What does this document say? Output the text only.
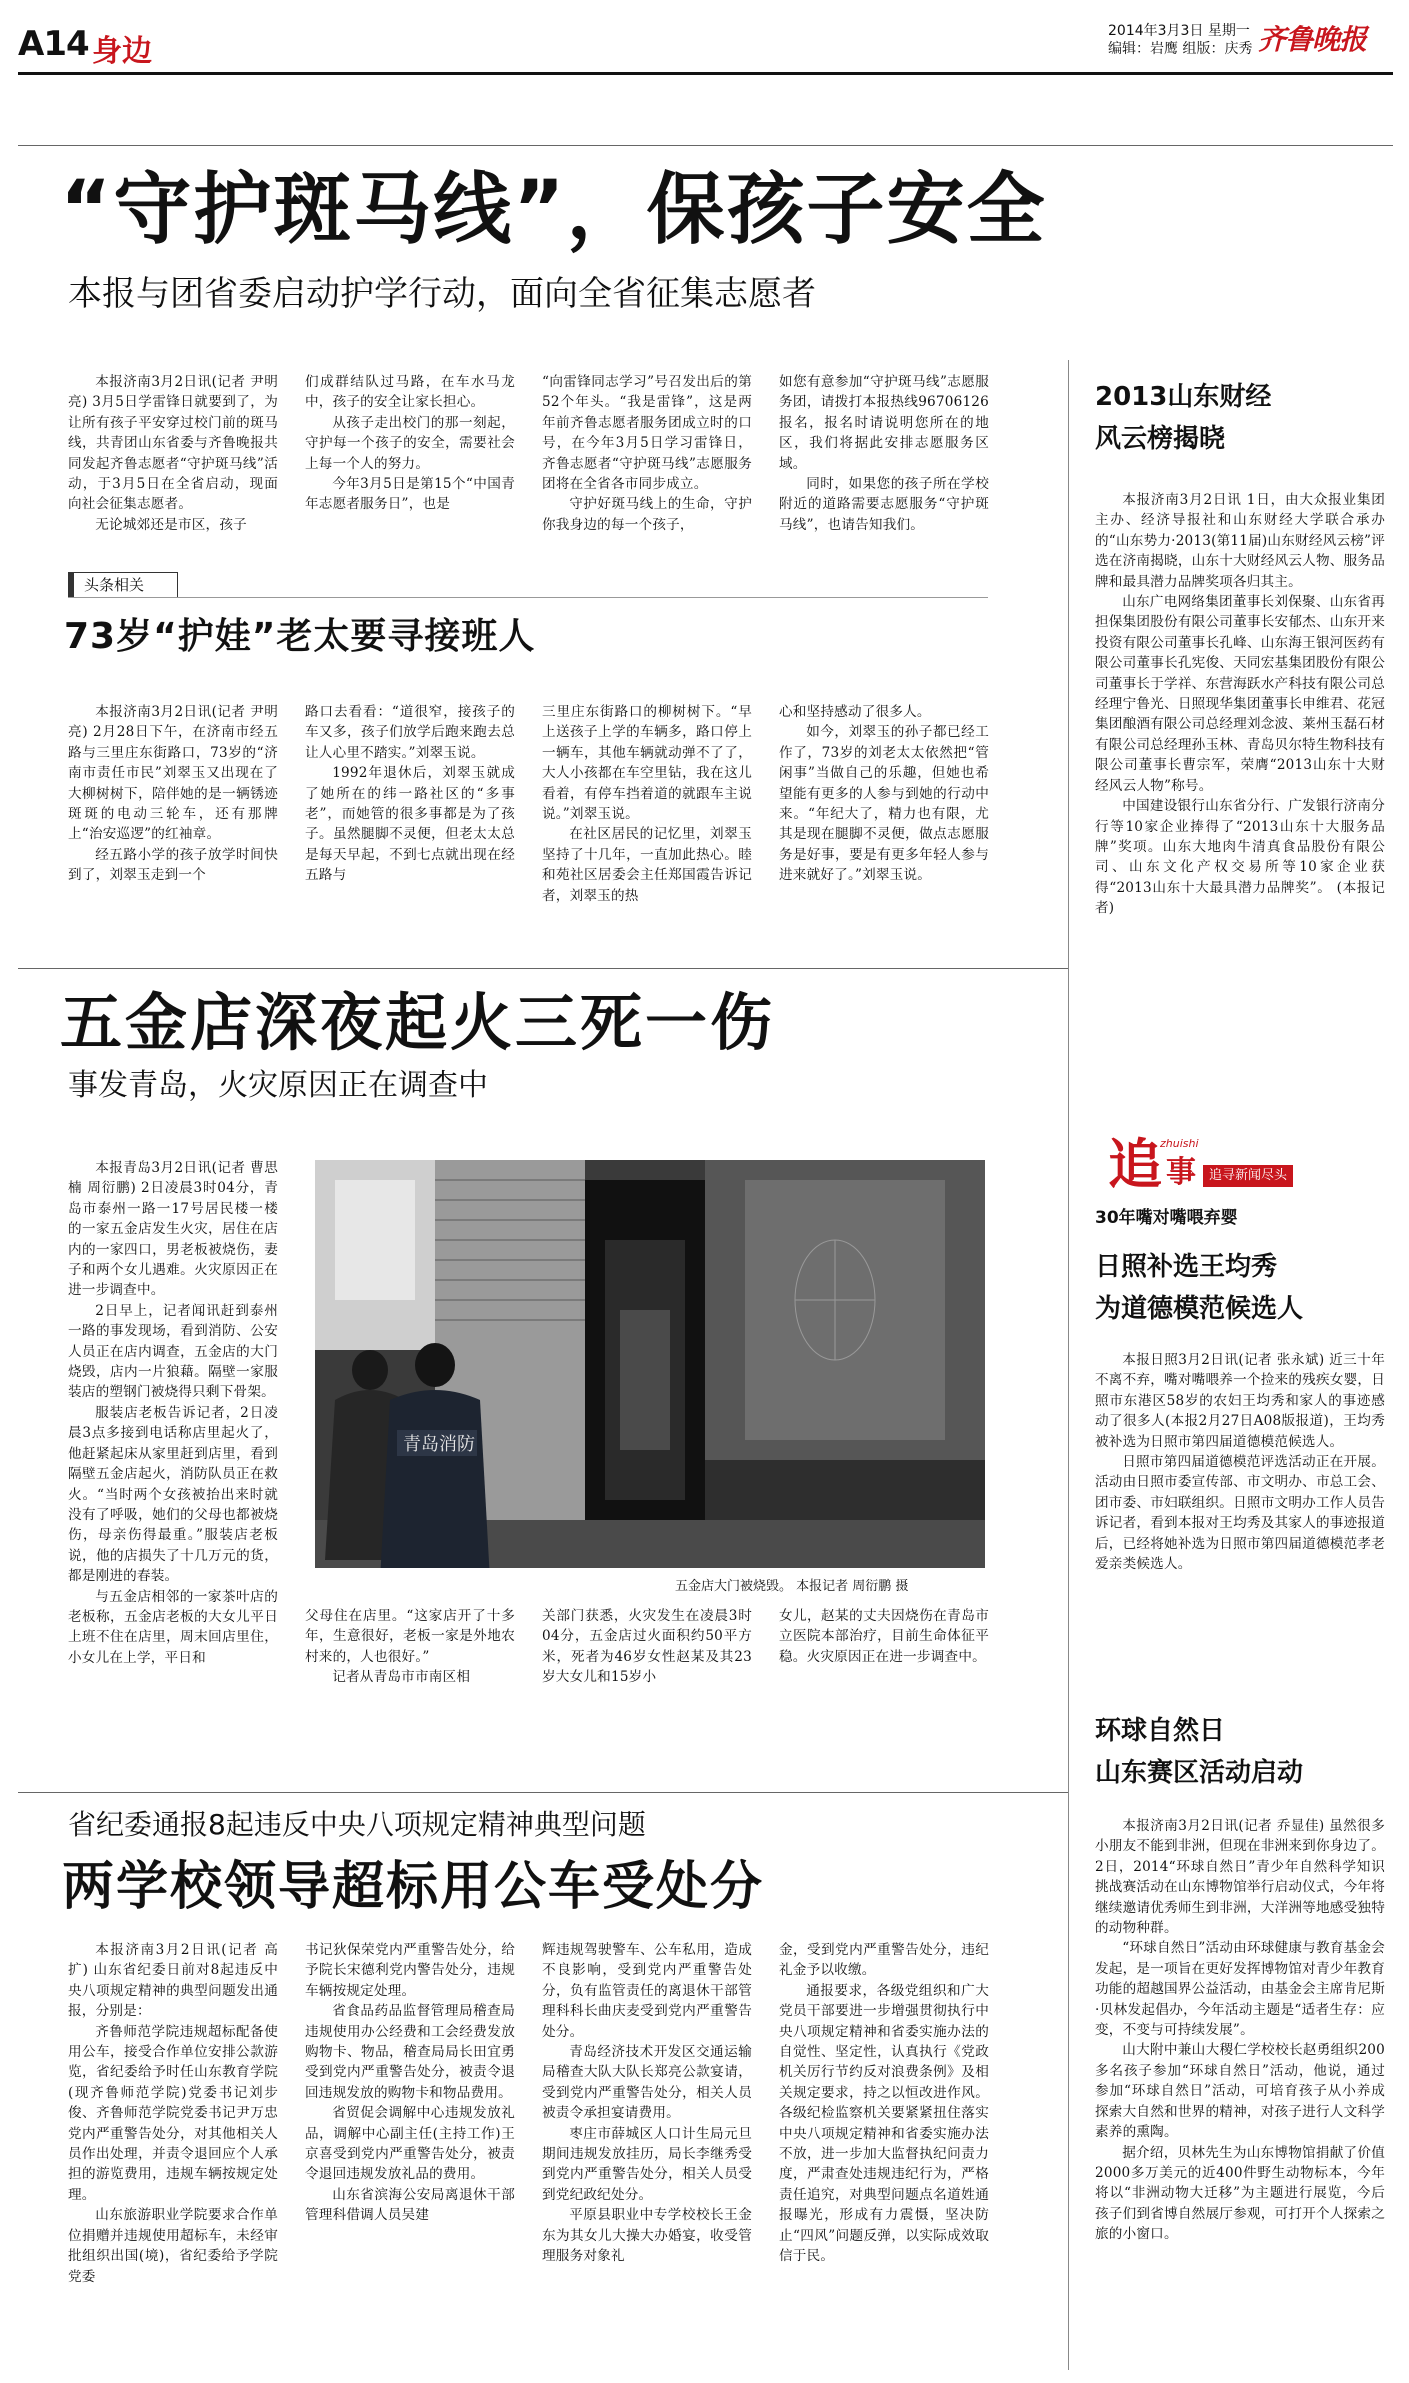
A14 身边
2014年3月3日 星期一
编辑：岩鹰 组版：庆秀 齐鲁晚报
“守护斑马线”，保孩子安全
本报与团省委启动护学行动，面向全省征集志愿者

本报济南3月2日讯(记者 尹明亮) 3月5日学雷锋日就要到了，为让所有孩子平安穿过校门前的斑马线，共青团山东省委与齐鲁晚报共同发起齐鲁志愿者“守护斑马线”活动，于3月5日在全省启动，现面向社会征集志愿者。

无论城郊还是市区，孩子

们成群结队过马路，在车水马龙中，孩子的安全让家长担心。

从孩子走出校门的那一刻起，守护每一个孩子的安全，需要社会上每一个人的努力。

今年3月5日是第15个“中国青年志愿者服务日”，也是

“向雷锋同志学习”号召发出后的第52个年头。“我是雷锋”，这是两年前齐鲁志愿者服务团成立时的口号，在今年3月5日学习雷锋日，齐鲁志愿者“守护斑马线”志愿服务团将在全省各市同步成立。

守护好斑马线上的生命，守护你我身边的每一个孩子，

如您有意参加“守护斑马线”志愿服务团，请拨打本报热线96706126报名，报名时请说明您所在的地区，我们将据此安排志愿服务区域。

同时，如果您的孩子所在学校附近的道路需要志愿服务“守护斑马线”，也请告知我们。

头条相关
73岁“护娃”老太要寻接班人

本报济南3月2日讯(记者 尹明亮) 2月28日下午，在济南市经五路与三里庄东街路口，73岁的“济南市责任市民”刘翠玉又出现在了大柳树树下，陪伴她的是一辆锈迹斑斑的电动三轮车，还有那牌上“治安巡逻”的红袖章。

经五路小学的孩子放学时间快到了，刘翠玉走到一个

路口去看看：“道很窄，接孩子的车又多，孩子们放学后跑来跑去总让人心里不踏实。”刘翠玉说。

1992年退休后，刘翠玉就成了她所在的纬一路社区的“多事老”，而她管的很多事都是为了孩子。虽然腿脚不灵便，但老太太总是每天早起，不到七点就出现在经五路与

三里庄东街路口的柳树树下。“早上送孩子上学的车辆多，路口停上一辆车，其他车辆就动弹不了了，大人小孩都在车空里钻，我在这儿看着，有停车挡着道的就跟车主说说。”刘翠玉说。

在社区居民的记忆里，刘翠玉坚持了十几年，一直加此热心。睦和苑社区居委会主任郑国霞告诉记者，刘翠玉的热

心和坚持感动了很多人。

如今，刘翠玉的孙子都已经工作了，73岁的刘老太太依然把“管闲事”当做自己的乐趣，但她也希望能有更多的人参与到她的行动中来。“年纪大了，精力也有限，尤其是现在腿脚不灵便，做点志愿服务是好事，要是有更多年轻人参与进来就好了。”刘翠玉说。

五金店深夜起火三死一伤
事发青岛，火灾原因正在调查中

本报青岛3月2日讯(记者 曹思楠 周衍鹏) 2日凌晨3时04分，青岛市泰州一路一17号居民楼一楼的一家五金店发生火灾，居住在店内的一家四口，男老板被烧伤，妻子和两个女儿遇难。火灾原因正在进一步调查中。

2日早上，记者闻讯赶到泰州一路的事发现场，看到消防、公安人员正在店内调查，五金店的大门烧毁，店内一片狼藉。隔壁一家服装店的塑钢门被烧得只剩下骨架。

服装店老板告诉记者，2日凌晨3点多接到电话称店里起火了，他赶紧起床从家里赶到店里，看到隔壁五金店起火，消防队员正在救火。“当时两个女孩被抬出来时就没有了呼吸，她们的父母也都被烧伤，母亲伤得最重。”服装店老板说，他的店损失了十几万元的货，都是刚进的春装。

与五金店相邻的一家茶叶店的老板称，五金店老板的大女儿平日上班不住在店里，周末回店里住，小女儿在上学，平日和

青岛消防
五金店大门被烧毁。 本报记者 周衍鹏 摄

父母住在店里。“这家店开了十多年，生意很好，老板一家是外地农村来的，人也很好。”

记者从青岛市市南区相

关部门获悉，火灾发生在凌晨3时04分，五金店过火面积约50平方米，死者为46岁女性赵某及其23岁大女儿和15岁小

女儿，赵某的丈夫因烧伤在青岛市立医院本部治疗，目前生命体征平稳。火灾原因正在进一步调查中。

省纪委通报8起违反中央八项规定精神典型问题
两学校领导超标用公车受处分

本报济南3月2日讯(记者 高扩) 山东省纪委日前对8起违反中央八项规定精神的典型问题发出通报，分别是：

齐鲁师范学院违规超标配备使用公车，接受合作单位安排公款游览，省纪委给予时任山东教育学院(现齐鲁师范学院)党委书记刘步俊、齐鲁师范学院党委书记尹万忠党内严重警告处分，对其他相关人员作出处理，并责令退回应个人承担的游览费用，违规车辆按规定处理。

山东旅游职业学院要求合作单位捐赠并违规使用超标车，未经审批组织出国(境)，省纪委给予学院党委

书记狄保荣党内严重警告处分，给予院长宋德利党内警告处分，违规车辆按规定处理。

省食品药品监督管理局稽查局违规使用办公经费和工会经费发放购物卡、物品，稽查局局长田宜勇受到党内严重警告处分，被责令退回违规发放的购物卡和物品费用。

省贸促会调解中心违规发放礼品，调解中心副主任(主持工作)王京喜受到党内严重警告处分，被责令退回违规发放礼品的费用。

山东省滨海公安局离退休干部管理科借调人员吴建

辉违规驾驶警车、公车私用，造成不良影响，受到党内严重警告处分，负有监管责任的离退休干部管理科科长曲庆麦受到党内严重警告处分。

青岛经济技术开发区交通运输局稽查大队大队长郑亮公款宴请，受到党内严重警告处分，相关人员被责令承担宴请费用。

枣庄市薛城区人口计生局元旦期间违规发放挂历，局长李继秀受到党内严重警告处分，相关人员受到党纪政纪处分。

平原县职业中专学校校长王金东为其女儿大操大办婚宴，收受管理服务对象礼

金，受到党内严重警告处分，违纪礼金予以收缴。

通报要求，各级党组织和广大党员干部要进一步增强贯彻执行中央八项规定精神和省委实施办法的自觉性、坚定性，认真执行《党政机关厉行节约反对浪费条例》及相关规定要求，持之以恒改进作风。各级纪检监察机关要紧紧扭住落实中央八项规定精神和省委实施办法不放，进一步加大监督执纪问责力度，严肃查处违规违纪行为，严格责任追究，对典型问题点名道姓通报曝光，形成有力震慑，坚决防止“四风”问题反弹，以实际成效取信于民。

2013山东财经
风云榜揭晓

本报济南3月2日讯 1日，由大众报业集团主办、经济导报社和山东财经大学联合承办的“山东势力·2013(第11届)山东财经风云榜”评选在济南揭晓，山东十大财经风云人物、服务品牌和最具潜力品牌奖项各归其主。

山东广电网络集团董事长刘保聚、山东省再担保集团股份有限公司董事长安郁杰、山东开来投资有限公司董事长孔峰、山东海王银河医药有限公司董事长孔宪俊、天同宏基集团股份有限公司董事长于学祥、东营海跃水产科技有限公司总经理宁鲁光、日照现华集团董事长申维君、花冠集团酿酒有限公司总经理刘念波、莱州玉磊石材有限公司总经理孙玉林、青岛贝尔特生物科技有限公司董事长曹宗军，荣膺“2013山东十大财经风云人物”称号。

中国建设银行山东省分行、广发银行济南分行等10家企业捧得了“2013山东十大服务品牌”奖项。山东大地肉牛清真食品股份有限公司、山东文化产权交易所等10家企业获得“2013山东十大最具潜力品牌奖”。 (本报记者)

追 事
zhuishi
追寻新闻尽头
30年嘴对嘴喂弃婴
日照补选王均秀
为道德模范候选人

本报日照3月2日讯(记者 张永斌) 近三十年不离不弃，嘴对嘴喂养一个捡来的残疾女婴，日照市东港区58岁的农妇王均秀和家人的事迹感动了很多人(本报2月27日A08版报道)，王均秀被补选为日照市第四届道德模范候选人。

日照市第四届道德模范评选活动正在开展。活动由日照市委宣传部、市文明办、市总工会、团市委、市妇联组织。日照市文明办工作人员告诉记者，看到本报对王均秀及其家人的事迹报道后，已经将她补选为日照市第四届道德模范孝老爱亲类候选人。

环球自然日
山东赛区活动启动

本报济南3月2日讯(记者 乔显佳) 虽然很多小朋友不能到非洲，但现在非洲来到你身边了。2日，2014“环球自然日”青少年自然科学知识挑战赛活动在山东博物馆举行启动仪式，今年将继续邀请优秀师生到非洲，大洋洲等地感受独特的动物种群。

“环球自然日”活动由环球健康与教育基金会发起，是一项旨在更好发挥博物馆对青少年教育功能的超越国界公益活动，由基金会主席肯尼斯·贝林发起倡办，今年活动主题是“适者生存：应变，不变与可持续发展”。

山大附中兼山大稷仁学校校长赵勇组织200多名孩子参加“环球自然日”活动，他说，通过参加“环球自然日”活动，可培育孩子从小养成探索大自然和世界的精神，对孩子进行人文科学素养的熏陶。

据介绍，贝林先生为山东博物馆捐献了价值2000多万美元的近400件野生动物标本，今年将以“非洲动物大迁移”为主题进行展览，今后孩子们到省博自然展厅参观，可打开个人探索之旅的小窗口。
